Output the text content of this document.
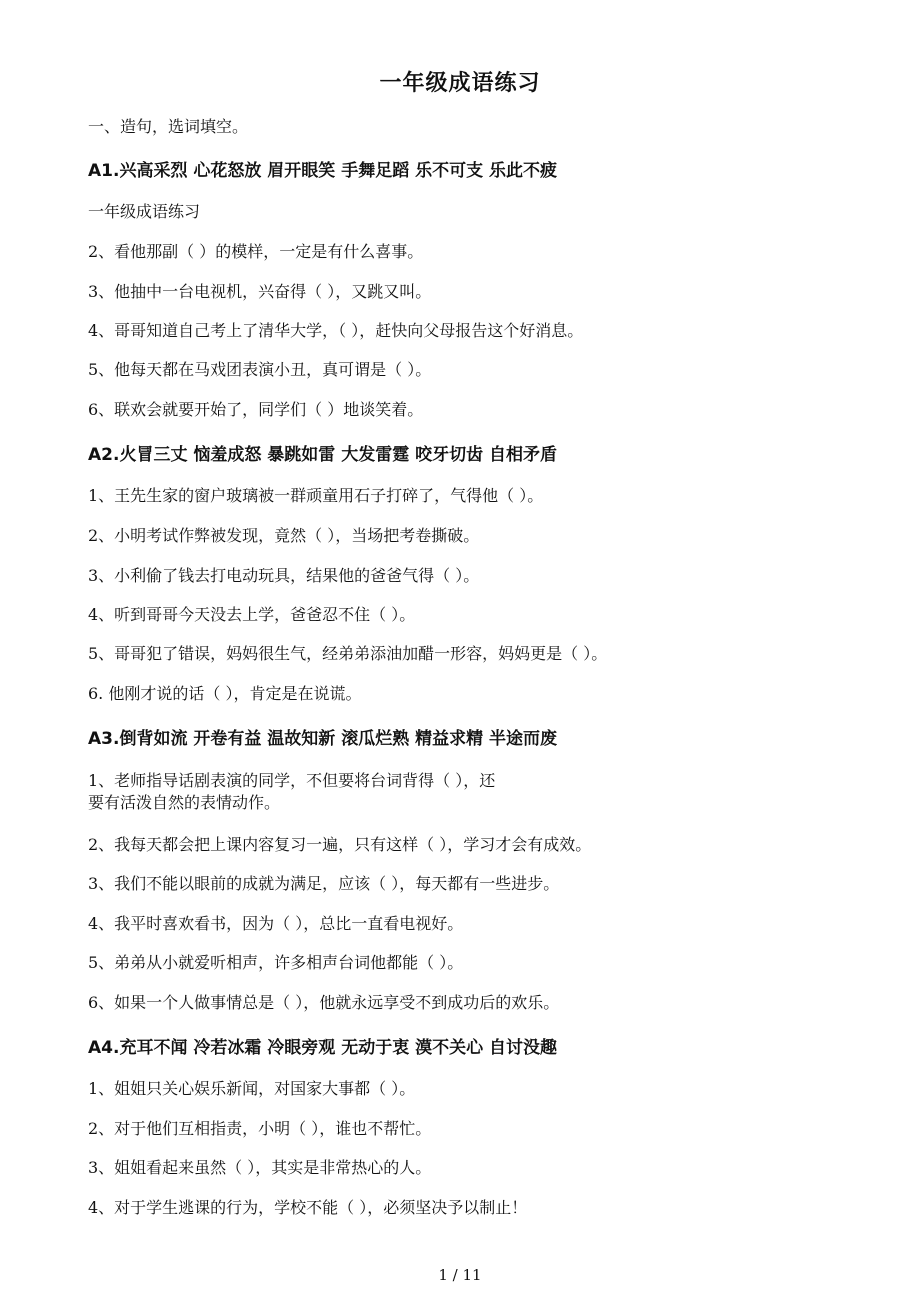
一年级成语练习
一、造句，选词填空。
A1.兴高采烈 心花怒放 眉开眼笑 手舞足蹈 乐不可支 乐此不疲
一年级成语练习
2、看他那副（ ）的模样，一定是有什么喜事。
3、他抽中一台电视机，兴奋得（ ），又跳又叫。
4、哥哥知道自己考上了清华大学，（ ），赶快向父母报告这个好消息。
5、他每天都在马戏团表演小丑，真可谓是（ ）。
6、联欢会就要开始了，同学们（ ）地谈笑着。
A2.火冒三丈 恼羞成怒 暴跳如雷 大发雷霆 咬牙切齿 自相矛盾
1、王先生家的窗户玻璃被一群顽童用石子打碎了，气得他（ ）。
2、小明考试作弊被发现，竟然（ ），当场把考卷撕破。
3、小利偷了钱去打电动玩具，结果他的爸爸气得（ ）。
4、听到哥哥今天没去上学，爸爸忍不住（ ）。
5、哥哥犯了错误，妈妈很生气，经弟弟添油加醋一形容，妈妈更是（ ）。
6. 他刚才说的话（ ），肯定是在说谎。
A3.倒背如流 开卷有益 温故知新 滚瓜烂熟 精益求精 半途而废
1、老师指导话剧表演的同学，不但要将台词背得（ ），还要有活泼自然的表情动作。
2、我每天都会把上课内容复习一遍，只有这样（ ），学习才会有成效。
3、我们不能以眼前的成就为满足，应该（ ），每天都有一些进步。
4、我平时喜欢看书，因为（ ），总比一直看电视好。
5、弟弟从小就爱听相声，许多相声台词他都能（ ）。
6、如果一个人做事情总是（ ），他就永远享受不到成功后的欢乐。
A4.充耳不闻 冷若冰霜 冷眼旁观 无动于衷 漠不关心 自讨没趣
1、姐姐只关心娱乐新闻，对国家大事都（ ）。
2、对于他们互相指责，小明（ ），谁也不帮忙。
3、姐姐看起来虽然（ ），其实是非常热心的人。
4、对于学生逃课的行为，学校不能（ ），必须坚决予以制止！
1 / 11
